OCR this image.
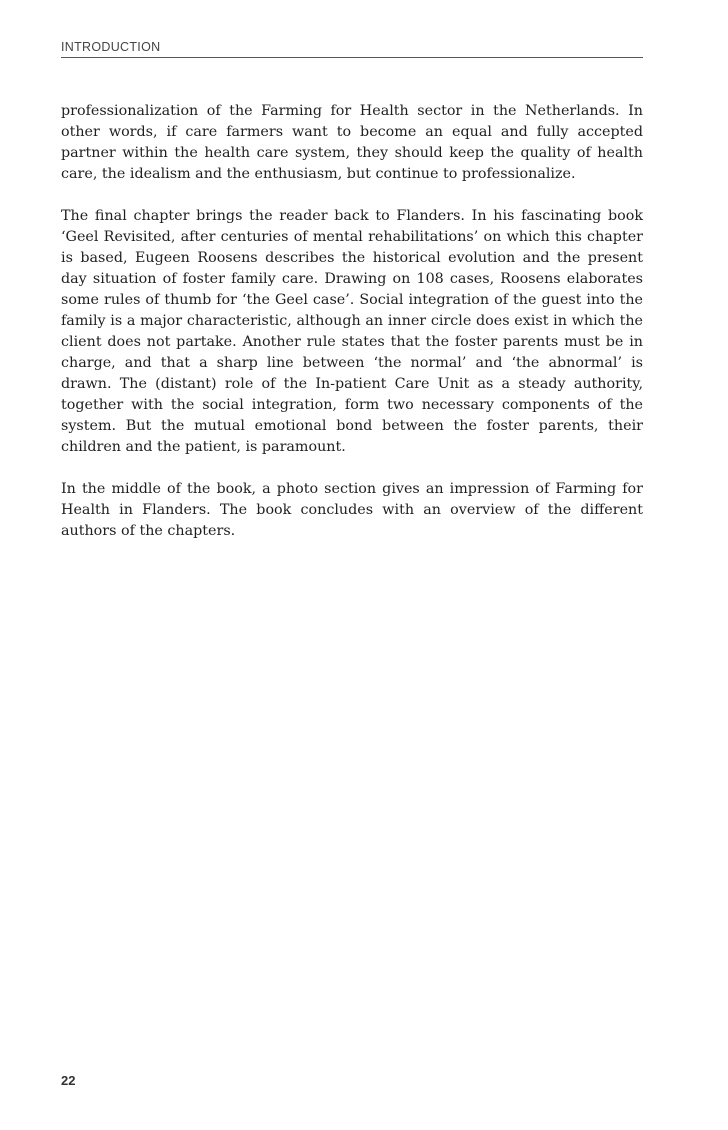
INTRODUCTION

professionalization of the Farming for Health sector in the Netherlands. In other words, if care farmers want to become an equal and fully accepted partner within the health care system, they should keep the quality of health care, the idealism and the enthusiasm, but continue to professionalize.

The final chapter brings the reader back to Flanders. In his fascinating book ‘Geel Revisited, after centuries of mental rehabilitations’ on which this chapter is based, Eugeen Roosens describes the historical evolution and the present day situation of foster family care. Drawing on 108 cases, Roosens elaborates some rules of thumb for ‘the Geel case’. Social integration of the guest into the family is a major characteristic, although an inner circle does exist in which the client does not partake. Another rule states that the foster parents must be in charge, and that a sharp line between ‘the normal’ and ‘the abnormal’ is drawn. The (distant) role of the In-patient Care Unit as a steady authority, together with the social integration, form two necessary components of the system. But the mutual emotional bond between the foster parents, their children and the patient, is paramount.

In the middle of the book, a photo section gives an impression of Farming for Health in Flanders. The book concludes with an overview of the different authors of the chapters.

22
